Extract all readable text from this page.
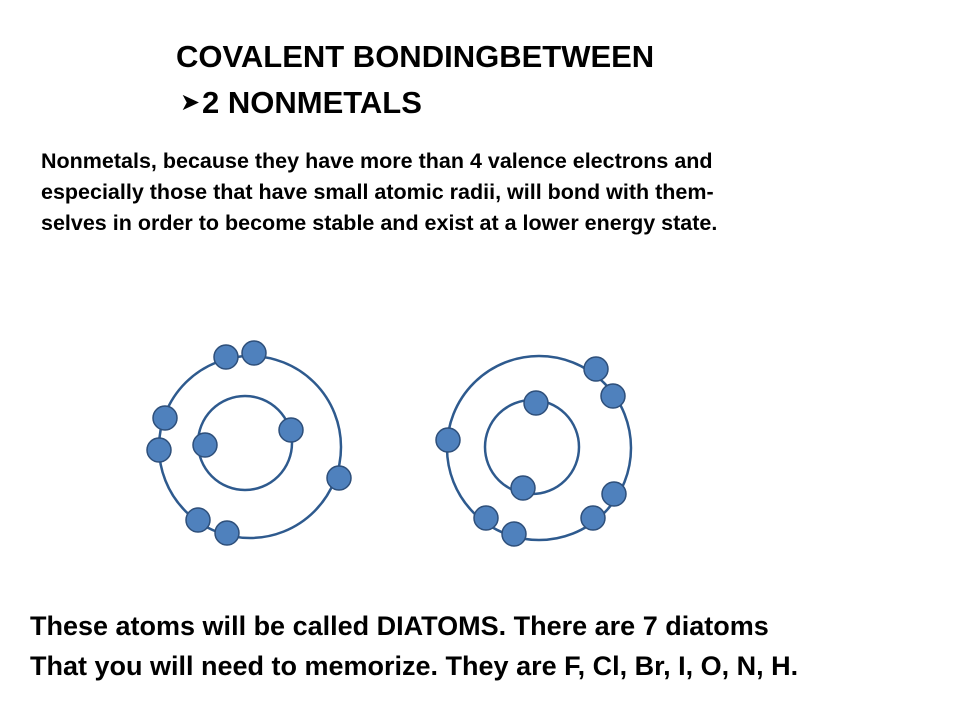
COVALENT BONDINGBETWEEN
➤2 NONMETALS
Nonmetals, because they have more than 4 valence electrons and
especially those that have small atomic radii, will bond with them-
selves in order to become stable and exist at a lower energy state.
These atoms will be called DIATOMS. There are 7 diatoms
That you will need to memorize. They are F, Cl, Br, I, O, N, H.
